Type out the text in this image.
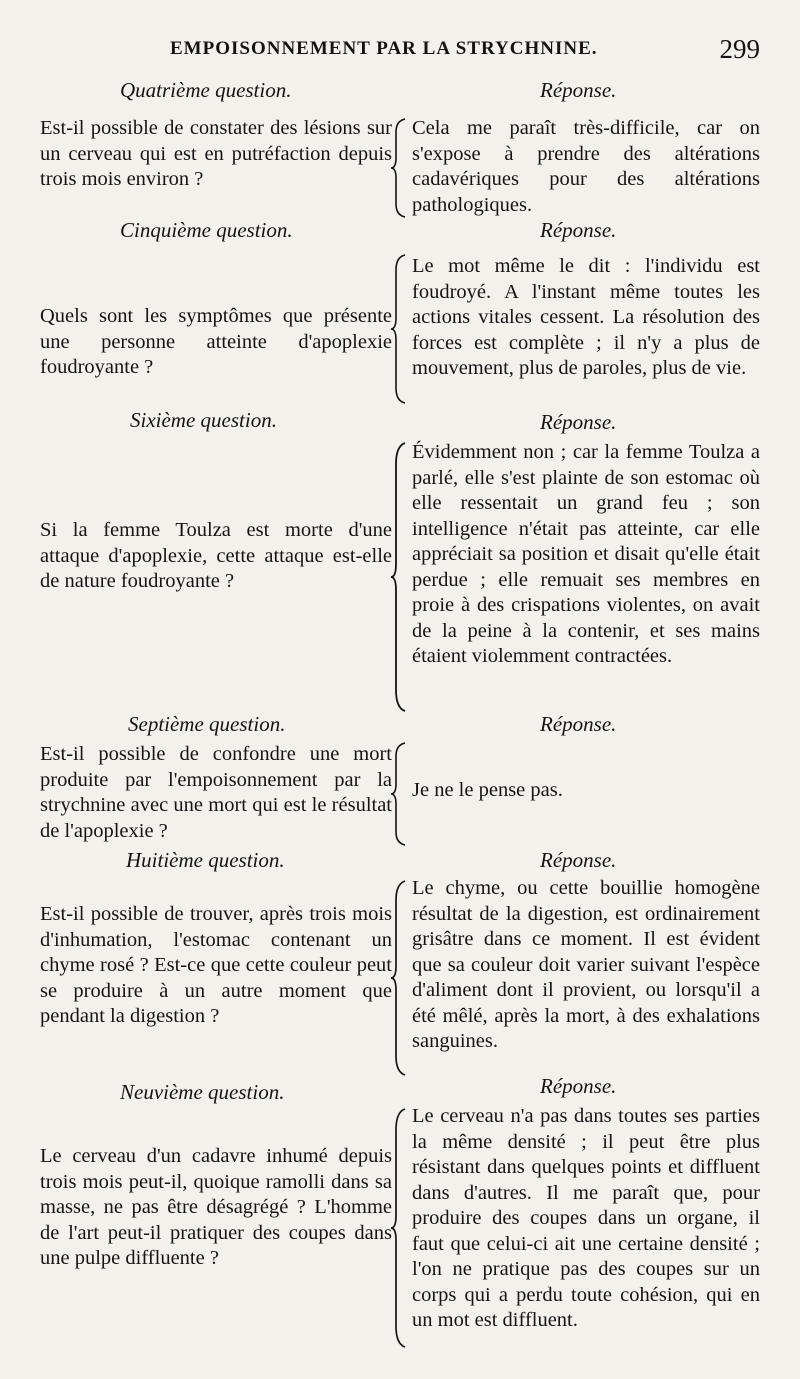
EMPOISONNEMENT PAR LA STRYCHNINE.	299
Quatrième question.	Réponse.
Est-il possible de constater des lésions sur un cerveau qui est en putréfaction depuis trois mois environ ?
Cela me paraît très-difficile, car on s'expose à prendre des altérations cadavériques pour des altérations pathologiques.
Cinquième question.	Réponse.
Quels sont les symptômes que présente une personne atteinte d'apoplexie foudroyante ?
Le mot même le dit : l'individu est foudroyé. A l'instant même toutes les actions vitales cessent. La résolution des forces est complète ; il n'y a plus de mouvement, plus de paroles, plus de vie.
Sixième question.	Réponse.
Si la femme Toulza est morte d'une attaque d'apoplexie, cette attaque est-elle de nature foudroyante ?
Évidemment non ; car la femme Toulza a parlé, elle s'est plainte de son estomac où elle ressentait un grand feu ; son intelligence n'était pas atteinte, car elle appréciait sa position et disait qu'elle était perdue ; elle remuait ses membres en proie à des crispations violentes, on avait de la peine à la contenir, et ses mains étaient violemment contractées.
Septième question.	Réponse.
Est-il possible de confondre une mort produite par l'empoisonnement par la strychnine avec une mort qui est le résultat de l'apoplexie ?
Je ne le pense pas.
Huitième question.	Réponse.
Est-il possible de trouver, après trois mois d'inhumation, l'estomac contenant un chyme rosé ? Est-ce que cette couleur peut se produire à un autre moment que pendant la digestion ?
Le chyme, ou cette bouillie homogène résultat de la digestion, est ordinairement grisâtre dans ce moment. Il est évident que sa couleur doit varier suivant l'espèce d'aliment dont il provient, ou lorsqu'il a été mêlé, après la mort, à des exhalations sanguines.
Neuvième question.	Réponse.
Le cerveau d'un cadavre inhumé depuis trois mois peut-il, quoique ramolli dans sa masse, ne pas être désagrégé ? L'homme de l'art peut-il pratiquer des coupes dans une pulpe diffluente ?
Le cerveau n'a pas dans toutes ses parties la même densité ; il peut être plus résistant dans quelques points et diffluent dans d'autres. Il me paraît que, pour produire des coupes dans un organe, il faut que celui-ci ait une certaine densité ; l'on ne pratique pas des coupes sur un corps qui a perdu toute cohésion, qui en un mot est diffluent.
